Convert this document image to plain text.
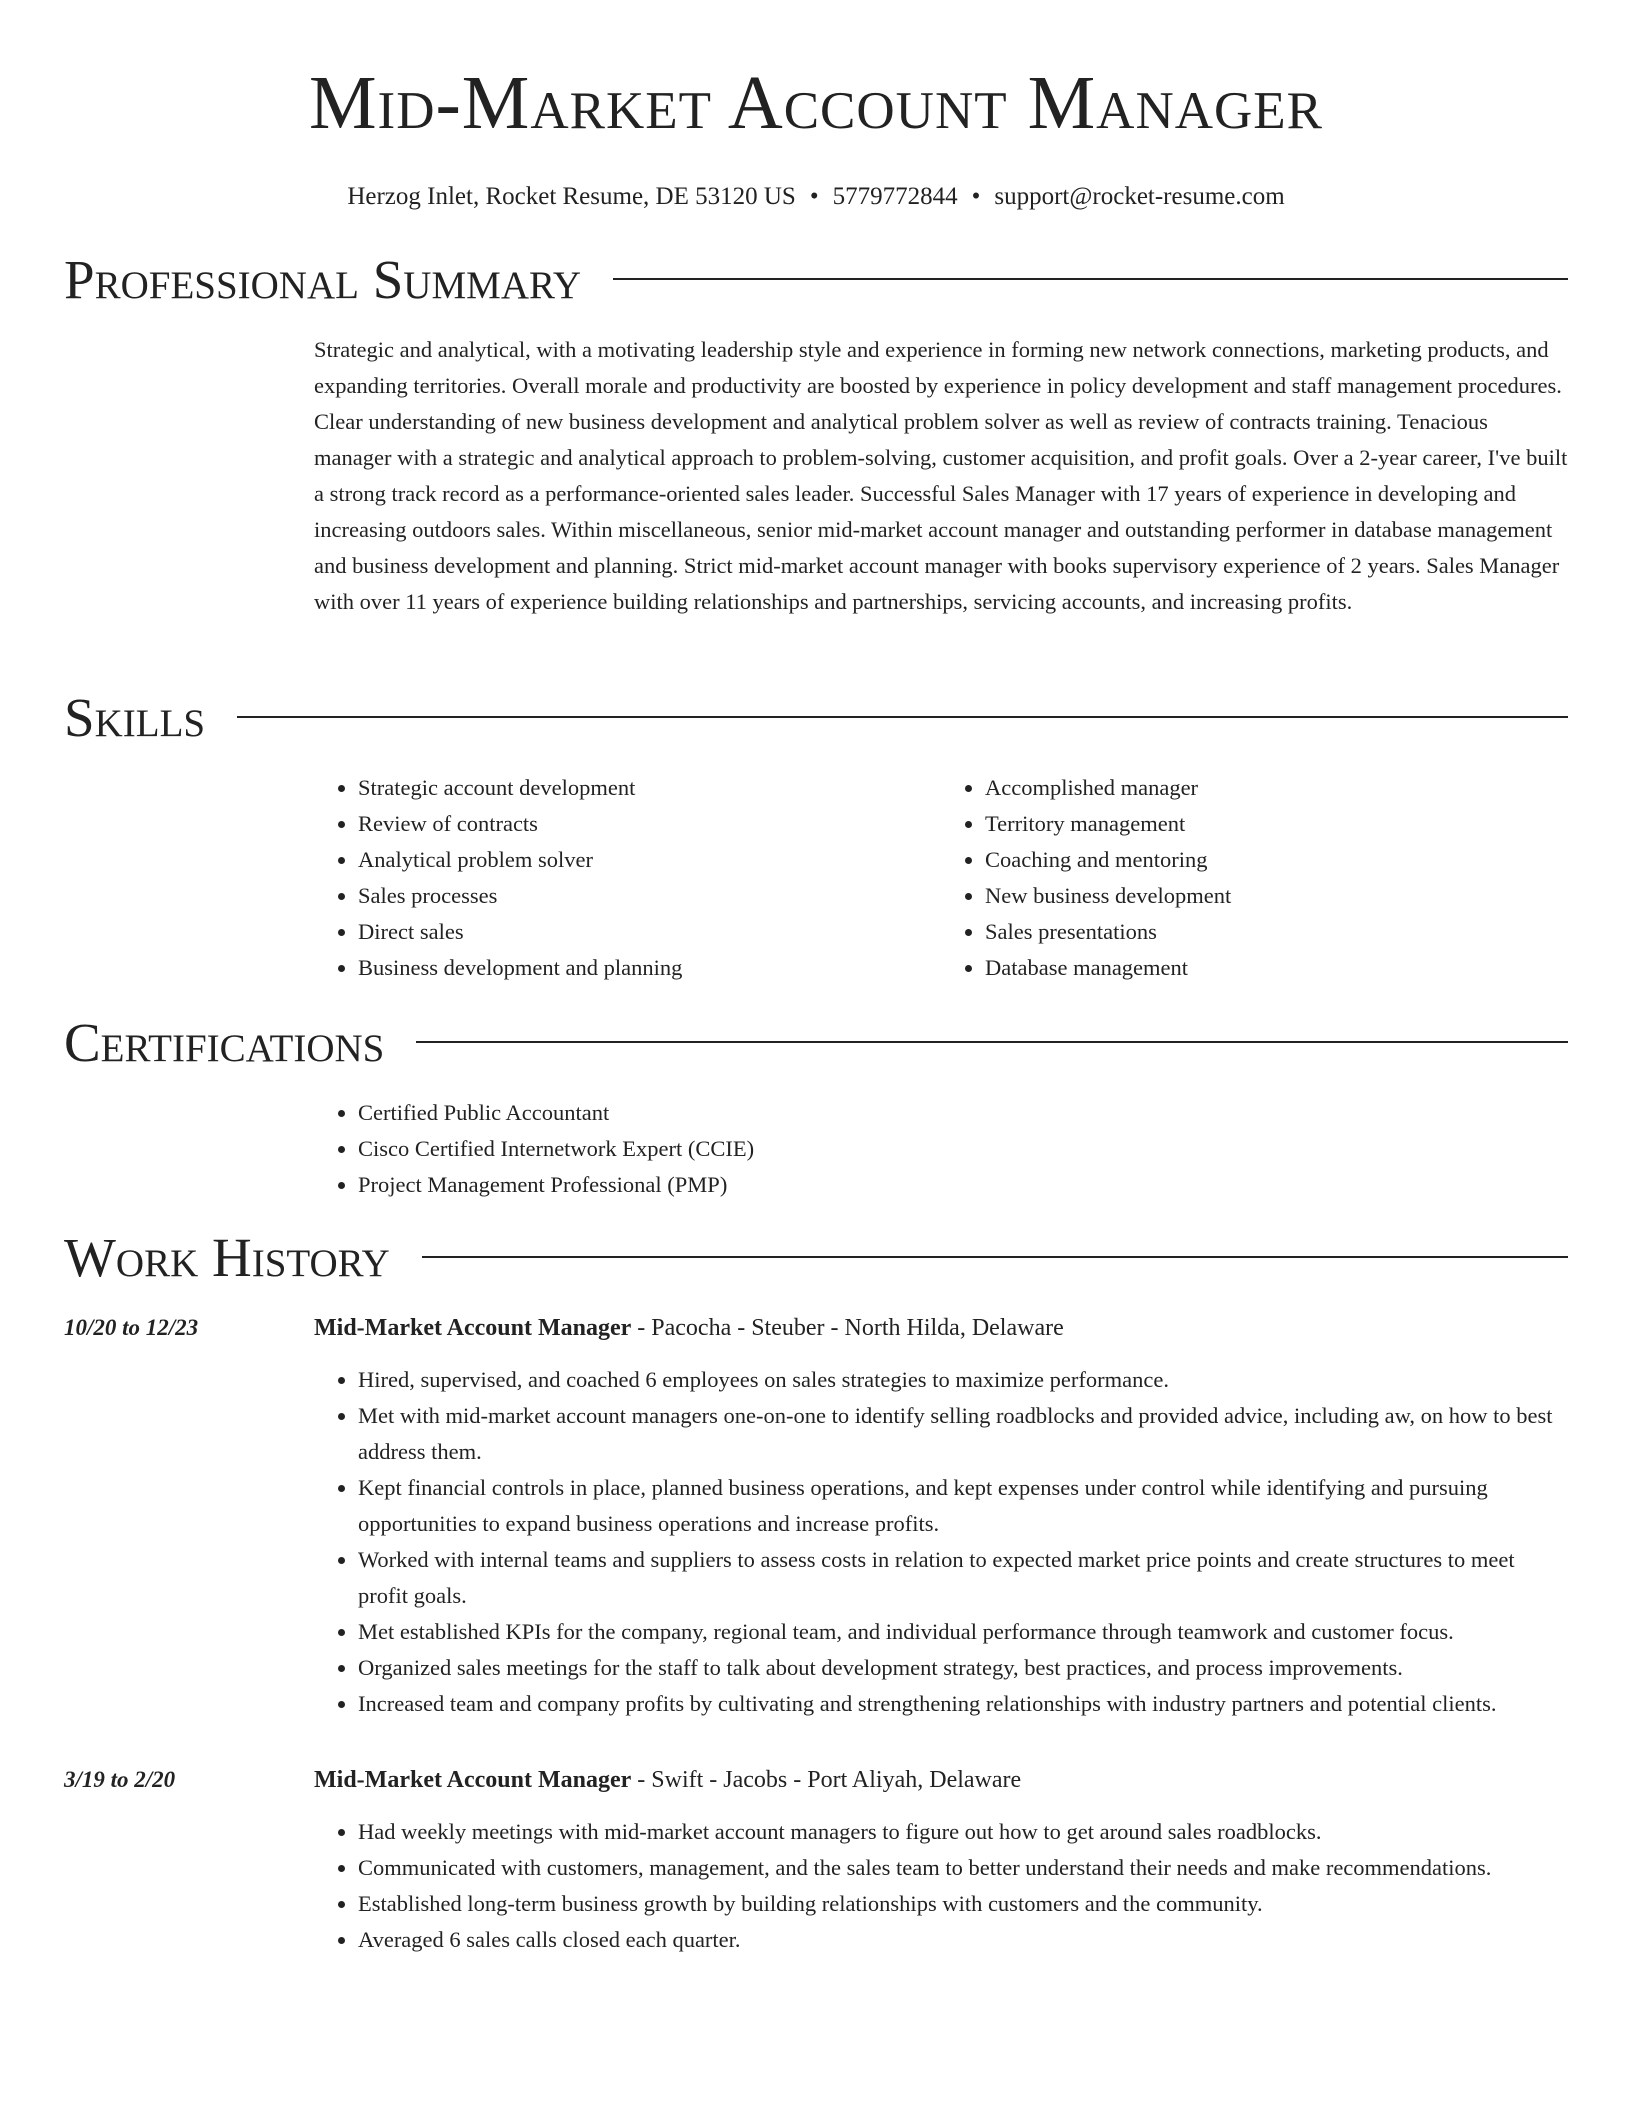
Mid-Market Account Manager
Herzog Inlet, Rocket Resume, DE 53120 US • 5779772844 • support@rocket-resume.com
Professional Summary

Strategic and analytical, with a motivating leadership style and experience in forming new network connections, marketing products, and expanding territories. Overall morale and productivity are boosted by experience in policy development and staff management procedures. Clear understanding of new business development and analytical problem solver as well as review of contracts training. Tenacious manager with a strategic and analytical approach to problem-solving, customer acquisition, and profit goals. Over a 2-year career, I've built a strong track record as a performance-oriented sales leader. Successful Sales Manager with 17 years of experience in developing and increasing outdoors sales. Within miscellaneous, senior mid-market account manager and outstanding performer in database management and business development and planning. Strict mid-market account manager with books supervisory experience of 2 years. Sales Manager with over 11 years of experience building relationships and partnerships, servicing accounts, and increasing profits.

Skills
• Strategic account development
• Review of contracts
• Analytical problem solver
• Sales processes
• Direct sales
• Business development and planning
• Accomplished manager
• Territory management
• Coaching and mentoring
• New business development
• Sales presentations
• Database management
Certifications
• Certified Public Accountant
• Cisco Certified Internetwork Expert (CCIE)
• Project Management Professional (PMP)
Work History
10/20 to 12/23	Mid-Market Account Manager - Pacocha - Steuber - North Hilda, Delaware
• Hired, supervised, and coached 6 employees on sales strategies to maximize performance.
• Met with mid-market account managers one-on-one to identify selling roadblocks and provided advice, including aw, on how to best address them.
• Kept financial controls in place, planned business operations, and kept expenses under control while identifying and pursuing opportunities to expand business operations and increase profits.
• Worked with internal teams and suppliers to assess costs in relation to expected market price points and create structures to meet profit goals.
• Met established KPIs for the company, regional team, and individual performance through teamwork and customer focus.
• Organized sales meetings for the staff to talk about development strategy, best practices, and process improvements.
• Increased team and company profits by cultivating and strengthening relationships with industry partners and potential clients.
3/19 to 2/20	Mid-Market Account Manager - Swift - Jacobs - Port Aliyah, Delaware
• Had weekly meetings with mid-market account managers to figure out how to get around sales roadblocks.
• Communicated with customers, management, and the sales team to better understand their needs and make recommendations.
• Established long-term business growth by building relationships with customers and the community.
• Averaged 6 sales calls closed each quarter.
